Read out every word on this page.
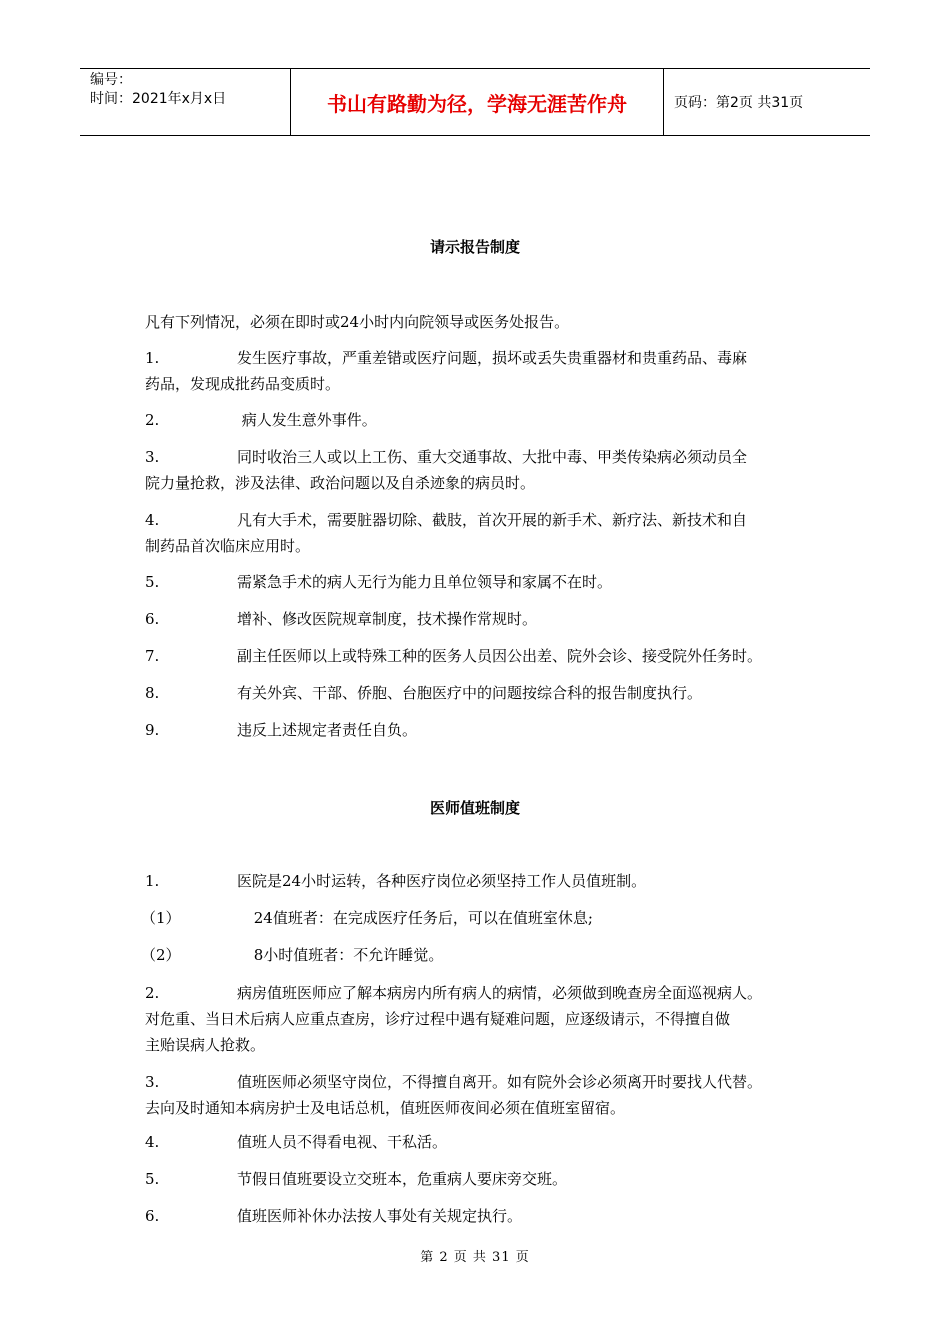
编号：
时间：2021年x月x日	书山有路勤为径，学海无涯苦作舟	页码：第2页 共31页
请示报告制度
凡有下列情况，必须在即时或24小时内向院领导或医务处报告。
1.	发生医疗事故，严重差错或医疗问题，损坏或丢失贵重器材和贵重药品、毒麻
药品，发现成批药品变质时。
2.	病人发生意外事件。
3.	同时收治三人或以上工伤、重大交通事故、大批中毒、甲类传染病必须动员全
院力量抢救，涉及法律、政治问题以及自杀迹象的病员时。
4.	凡有大手术，需要脏器切除、截肢，首次开展的新手术、新疗法、新技术和自
制药品首次临床应用时。
5.	需紧急手术的病人无行为能力且单位领导和家属不在时。
6.	增补、修改医院规章制度，技术操作常规时。
7.	副主任医师以上或特殊工种的医务人员因公出差、院外会诊、接受院外任务时。
8.	有关外宾、干部、侨胞、台胞医疗中的问题按综合科的报告制度执行。
9.	违反上述规定者责任自负。
医师值班制度
1.	医院是24小时运转，各种医疗岗位必须坚持工作人员值班制。
（1）	24值班者：在完成医疗任务后，可以在值班室休息;
（2）	8小时值班者：不允许睡觉。
2.	病房值班医师应了解本病房内所有病人的病情，必须做到晚查房全面巡视病人。
对危重、当日术后病人应重点查房，诊疗过程中遇有疑难问题，应逐级请示，不得擅自做
主贻误病人抢救。
3.	值班医师必须坚守岗位，不得擅自离开。如有院外会诊必须离开时要找人代替。
去向及时通知本病房护士及电话总机，值班医师夜间必须在值班室留宿。
4.	值班人员不得看电视、干私活。
5.	节假日值班要设立交班本，危重病人要床旁交班。
6.	值班医师补休办法按人事处有关规定执行。
第 2 页 共 31 页
